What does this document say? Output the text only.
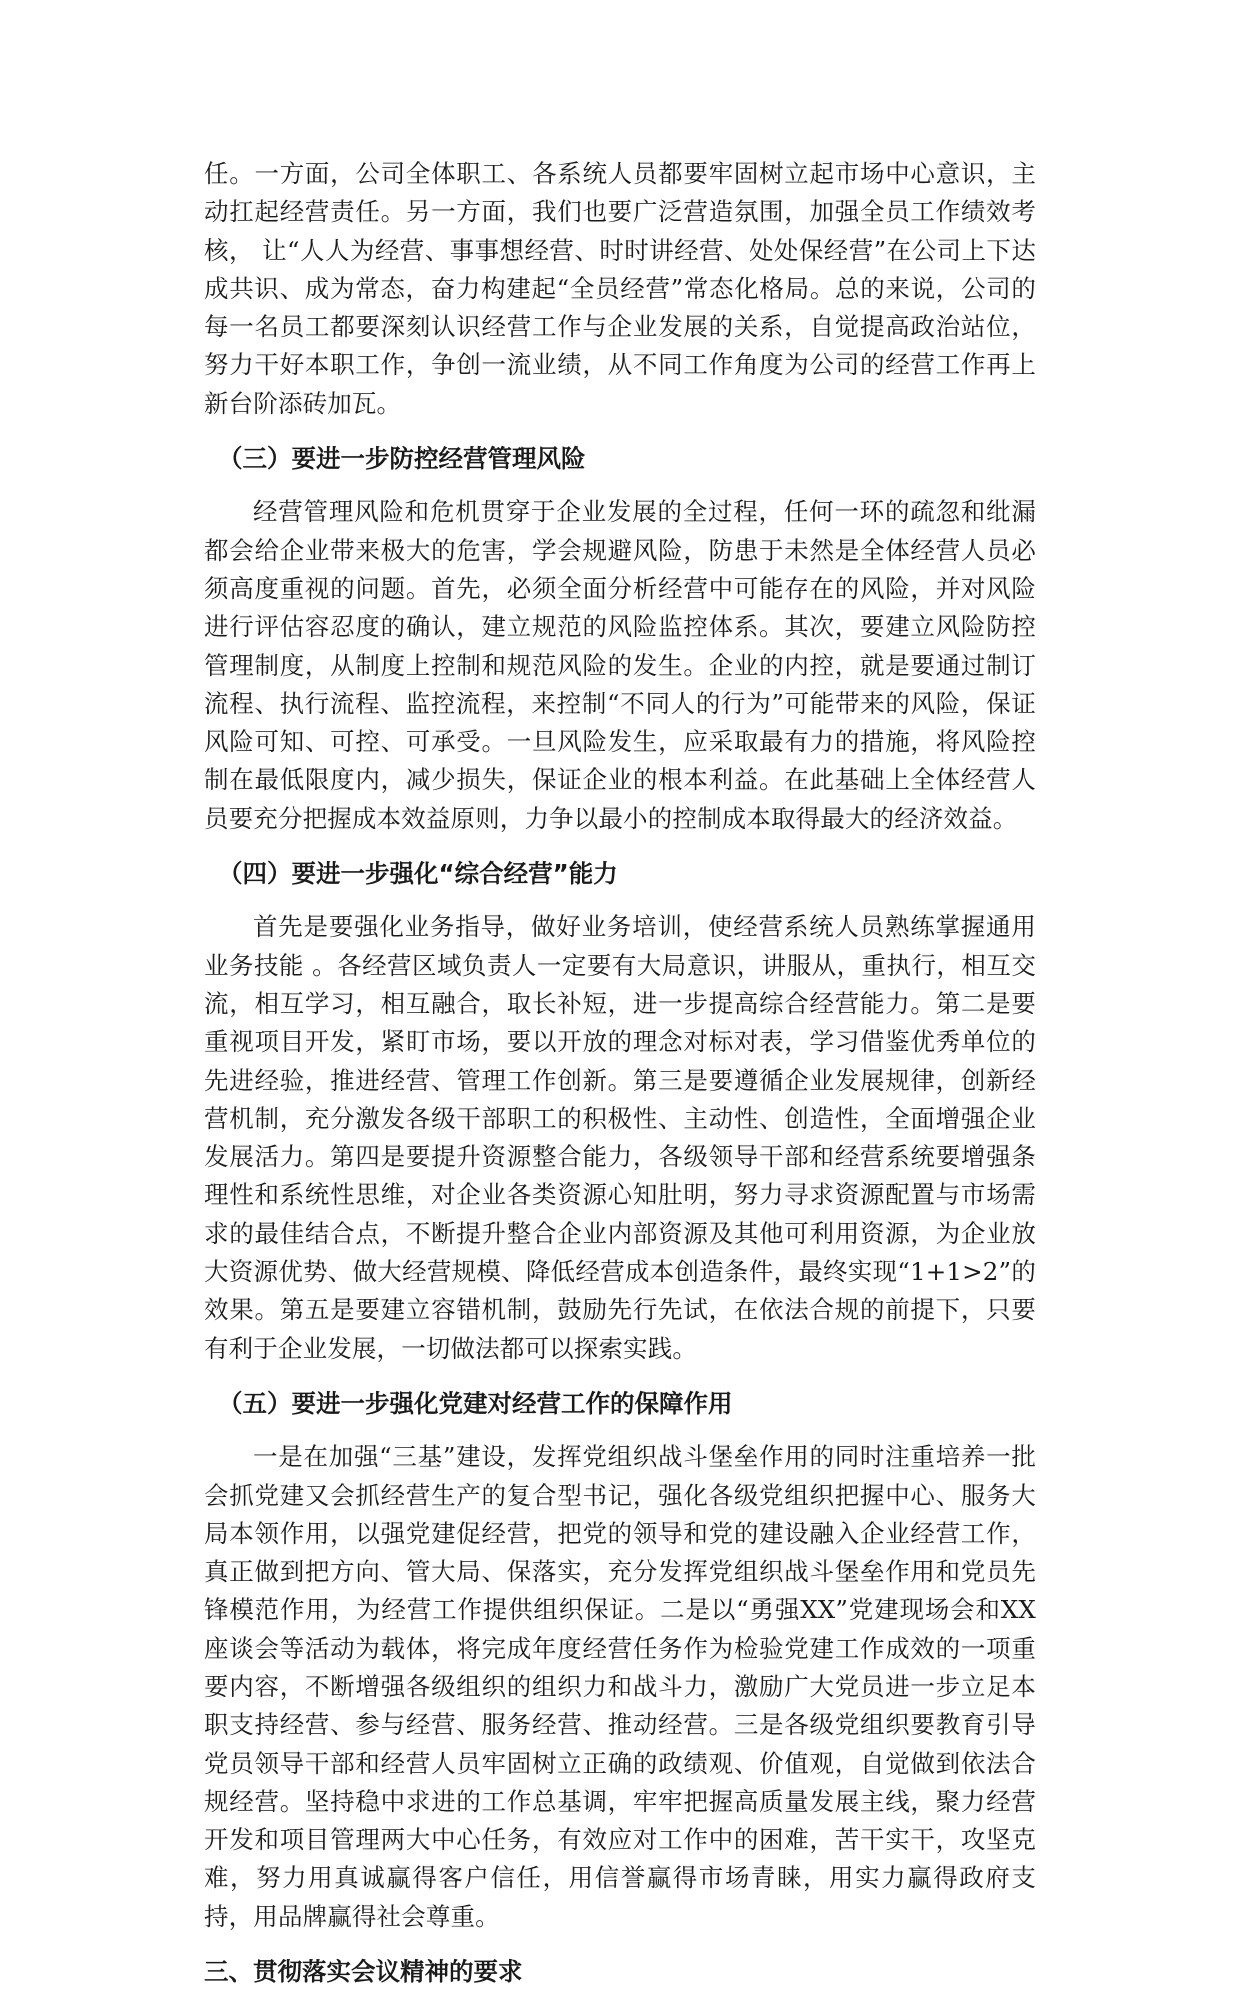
任。一方面，公司全体职工、各系统人员都要牢固树立起市场中心意识，主动扛起经营责任。另一方面，我们也要广泛营造氛围，加强全员工作绩效考核， 让“人人为经营、事事想经营、时时讲经营、处处保经营”在公司上下达成共识、成为常态，奋力构建起“全员经营”常态化格局。总的来说，公司的每一名员工都要深刻认识经营工作与企业发展的关系，自觉提高政治站位，努力干好本职工作，争创一流业绩，从不同工作角度为公司的经营工作再上新台阶添砖加瓦。

（三）要进一步防控经营管理风险

经营管理风险和危机贯穿于企业发展的全过程，任何一环的疏忽和纰漏都会给企业带来极大的危害，学会规避风险，防患于未然是全体经营人员必须高度重视的问题。首先，必须全面分析经营中可能存在的风险，并对风险进行评估容忍度的确认，建立规范的风险监控体系。其次，要建立风险防控管理制度，从制度上控制和规范风险的发生。企业的内控，就是要通过制订流程、执行流程、监控流程，来控制“不同人的行为”可能带来的风险，保证风险可知、可控、可承受。一旦风险发生，应采取最有力的措施，将风险控制在最低限度内，减少损失，保证企业的根本利益。在此基础上全体经营人员要充分把握成本效益原则，力争以最小的控制成本取得最大的经济效益。

（四）要进一步强化“综合经营”能力

首先是要强化业务指导，做好业务培训，使经营系统人员熟练掌握通用业务技能 。各经营区域负责人一定要有大局意识，讲服从，重执行，相互交流，相互学习，相互融合，取长补短，进一步提高综合经营能力。第二是要重视项目开发，紧盯市场，要以开放的理念对标对表，学习借鉴优秀单位的先进经验，推进经营、管理工作创新。第三是要遵循企业发展规律，创新经营机制，充分激发各级干部职工的积极性、主动性、创造性，全面增强企业发展活力。第四是要提升资源整合能力，各级领导干部和经营系统要增强条理性和系统性思维，对企业各类资源心知肚明，努力寻求资源配置与市场需求的最佳结合点，不断提升整合企业内部资源及其他可利用资源，为企业放大资源优势、做大经营规模、降低经营成本创造条件，最终实现“1+1>2”的效果。第五是要建立容错机制，鼓励先行先试，在依法合规的前提下，只要有利于企业发展，一切做法都可以探索实践。

（五）要进一步强化党建对经营工作的保障作用

一是在加强“三基”建设，发挥党组织战斗堡垒作用的同时注重培养一批会抓党建又会抓经营生产的复合型书记，强化各级党组织把握中心、服务大局本领作用，以强党建促经营，把党的领导和党的建设融入企业经营工作，真正做到把方向、管大局、保落实，充分发挥党组织战斗堡垒作用和党员先锋模范作用，为经营工作提供组织保证。二是以“勇强XX”党建现场会和XX座谈会等活动为载体，将完成年度经营任务作为检验党建工作成效的一项重要内容，不断增强各级组织的组织力和战斗力，激励广大党员进一步立足本职支持经营、参与经营、服务经营、推动经营。三是各级党组织要教育引导党员领导干部和经营人员牢固树立正确的政绩观、价值观，自觉做到依法合规经营。坚持稳中求进的工作总基调，牢牢把握高质量发展主线，聚力经营开发和项目管理两大中心任务，有效应对工作中的困难，苦干实干，攻坚克难，努力用真诚赢得客户信任，用信誉赢得市场青睐，用实力赢得政府支持，用品牌赢得社会尊重。

三、贯彻落实会议精神的要求
